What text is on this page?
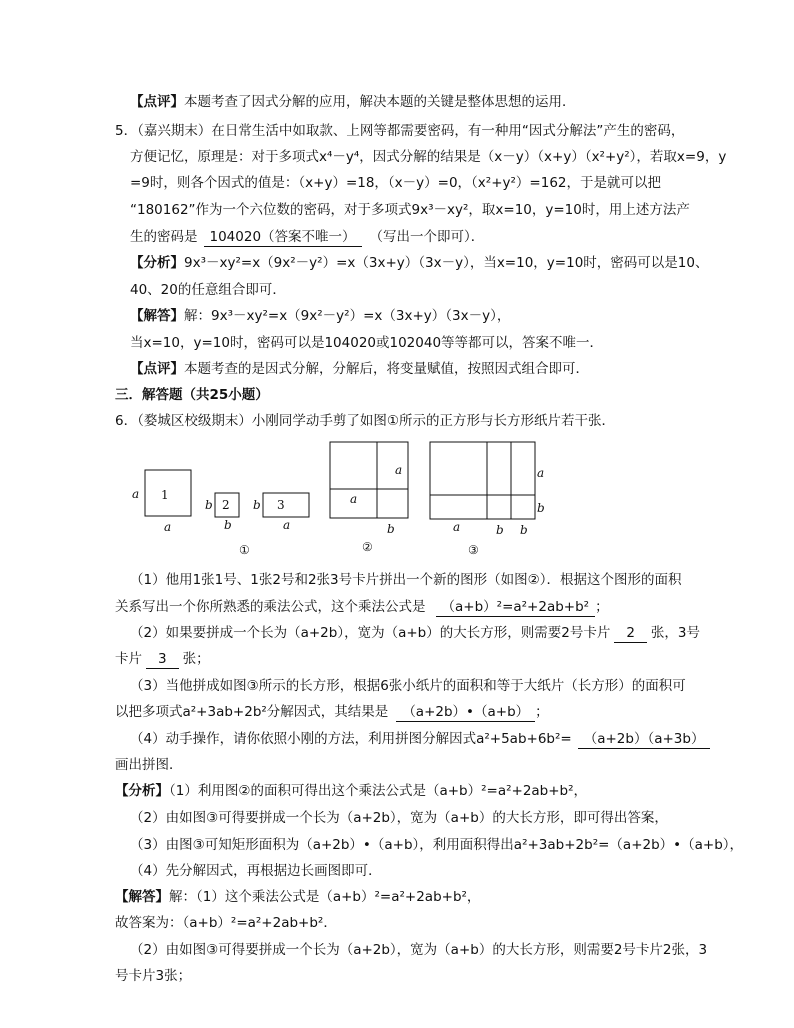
【点评】本题考查了因式分解的应用，解决本题的关键是整体思想的运用．
5．（嘉兴期末）在日常生活中如取款、上网等都需要密码，有一种用“因式分解法”产生的密码，
方便记忆，原理是：对于多项式x⁴－y⁴，因式分解的结果是（x－y）（x+y）（x²+y²），若取x=9，y
=9时，则各个因式的值是：（x+y）=18，（x－y）=0，（x²+y²）=162，于是就可以把
“180162”作为一个六位数的密码，对于多项式9x³－xy²，取x=10，y=10时，用上述方法产
生的密码是 104020（答案不唯一） （写出一个即可）．
【分析】9x³－xy²=x（9x²－y²）=x（3x+y）（3x－y），当x=10，y=10时，密码可以是10、
40、20的任意组合即可．
【解答】解：9x³－xy²=x（9x²－y²）=x（3x+y）（3x－y），
当x=10，y=10时，密码可以是104020或102040等等都可以，答案不唯一．
【点评】本题考查的是因式分解，分解后，将变量赋值，按照因式组合即可．
三．解答题（共25小题）
6．（婺城区校级期末）小刚同学动手剪了如图①所示的正方形与长方形纸片若干张．
1
a
a
2
b
b
3
b
a
①
a
a
b
②
a
b
a	b b
③
（1）他用1张1号、1张2号和2张3号卡片拼出一个新的图形（如图②）．根据这个图形的面积
关系写出一个你所熟悉的乘法公式，这个乘法公式是 （a+b）²=a²+2ab+b² ；
（2）如果要拼成一个长为（a+2b），宽为（a+b）的大长方形，则需要2号卡片 2 张，3号
卡片 3 张；
（3）当他拼成如图③所示的长方形，根据6张小纸片的面积和等于大纸片（长方形）的面积可
以把多项式a²+3ab+2b²分解因式，其结果是 （a+2b）•（a+b） ；
（4）动手操作，请你依照小刚的方法，利用拼图分解因式a²+5ab+6b²= （a+2b）（a+3b）
画出拼图．
【分析】（1）利用图②的面积可得出这个乘法公式是（a+b）²=a²+2ab+b²，
（2）由如图③可得要拼成一个长为（a+2b），宽为（a+b）的大长方形，即可得出答案，
（3）由图③可知矩形面积为（a+2b）•（a+b），利用面积得出a²+3ab+2b²=（a+2b）•（a+b），
（4）先分解因式，再根据边长画图即可．
【解答】解：（1）这个乘法公式是（a+b）²=a²+2ab+b²，
故答案为：（a+b）²=a²+2ab+b²．
（2）由如图③可得要拼成一个长为（a+2b），宽为（a+b）的大长方形，则需要2号卡片2张，3
号卡片3张；
